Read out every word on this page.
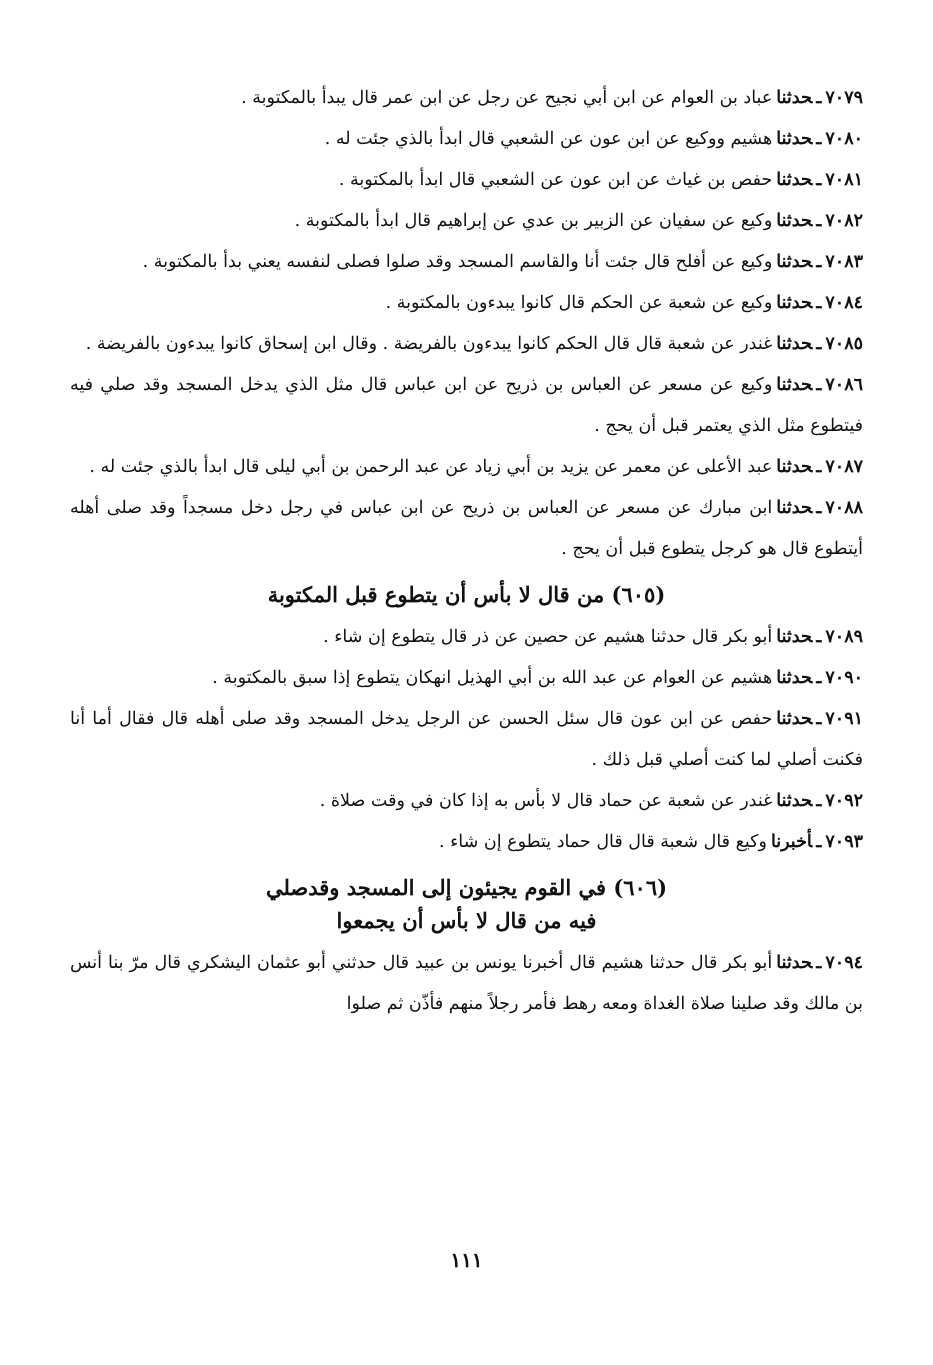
٧٠٧٩ـحدثناعباد بن العوام عن ابن أبي نجيح عن رجل عن ابن عمر قال يبدأ بالمكتوبة .

٧٠٨٠ـحدثناهشيم ووكيع عن ابن عون عن الشعبي قال ابدأ بالذي جئت له .

٧٠٨١ـحدثناحفص بن غياث عن ابن عون عن الشعبي قال ابدأ بالمكتوبة .

٧٠٨٢ـحدثناوكيع عن سفيان عن الزبير بن عدي عن إبراهيم قال ابدأ بالمكتوبة .

٧٠٨٣ـحدثناوكيع عن أفلح قال جئت أنا والقاسم المسجد وقد صلوا فصلى لنفسه يعني بدأ بالمكتوبة .

٧٠٨٤ـحدثناوكيع عن شعبة عن الحكم قال كانوا يبدءون بالمكتوبة .

٧٠٨٥ـحدثناغندر عن شعبة قال قال الحكم كانوا يبدءون بالفريضة . وقال ابن إسحاق كانوا يبدءون بالفريضة .

٧٠٨٦ـحدثناوكيع عن مسعر عن العباس بن ذريح عن ابن عباس قال مثل الذي يدخل المسجد وقد صلي فيه فيتطوع مثل الذي يعتمر قبل أن يحج .

٧٠٨٧ـحدثناعبد الأعلى عن معمر عن يزيد بن أبي زياد عن عبد الرحمن بن أبي ليلى قال ابدأ بالذي جئت له .

٧٠٨٨ـحدثناابن مبارك عن مسعر عن العباس بن ذريح عن ابن عباس في رجل دخل مسجداً وقد صلى أهله أيتطوع قال هو كرجل يتطوع قبل أن يحج .

(٦٠٥) من قال لا بأس أن يتطوع قبل المكتوبة

٧٠٨٩ـحدثناأبو بكر قال حدثنا هشيم عن حصين عن ذر قال يتطوع إن شاء .

٧٠٩٠ـحدثناهشيم عن العوام عن عبد الله بن أبي الهذيل انهكان يتطوع إذا سبق بالمكتوبة .

٧٠٩١ـحدثناحفص عن ابن عون قال سئل الحسن عن الرجل يدخل المسجد وقد صلى أهله قال فقال أما أنا فكنت أصلي لما كنت أصلي قبل ذلك .

٧٠٩٢ـحدثناغندر عن شعبة عن حماد قال لا بأس به إذا كان في وقت صلاة .

٧٠٩٣ـأخبرناوكيع قال شعبة قال قال حماد يتطوع إن شاء .

(٦٠٦) في القوم يجيئون إلى المسجد وقدصلي
فيه من قال لا بأس أن يجمعوا

٧٠٩٤ـحدثناأبو بكر قال حدثنا هشيم قال أخبرنا يونس بن عبيد قال حدثني أبو عثمان اليشكري قال مرّ بنا أنس بن مالك وقد صلينا صلاة الغداة ومعه رهط فأمر رجلاً منهم فأذّن ثم صلوا

١١١
